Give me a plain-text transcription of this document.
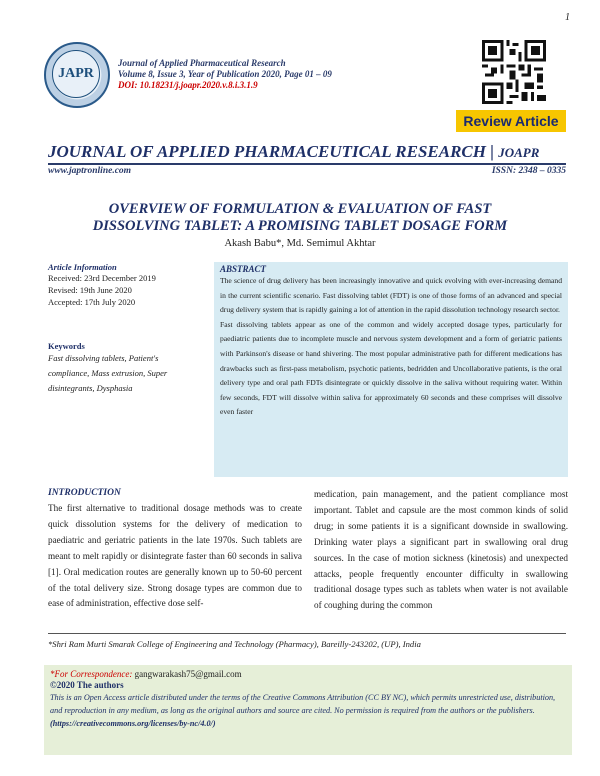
1
JAPR
Journal of Applied Pharmaceutical Research
Volume 8, Issue 3, Year of Publication 2020, Page 01 – 09
DOI: 10.18231/j.joapr.2020.v.8.i.3.1.9
Review Article
JOURNAL OF APPLIED PHARMACEUTICAL RESEARCH | JOAPR
www.japtronline.com	ISSN: 2348 – 0335
OVERVIEW OF FORMULATION & EVALUATION OF FAST
DISSOLVING TABLET: A PROMISING TABLET DOSAGE FORM
Akash Babu*, Md. Semimul Akhtar
Article Information
Received: 23rd December 2019
Revised: 19th June 2020
Accepted: 17th July 2020
Keywords
Fast dissolving tablets, Patient's
compliance, Mass extrusion, Super
disintegrants, Dysphasia
ABSTRACT

The science of drug delivery has been increasingly innovative and quick evolving with ever-increasing demand in the current scientific scenario. Fast dissolving tablet (FDT) is one of those forms of an advanced and special drug delivery system that is rapidly gaining a lot of attention in the rapid dissolution technology research sector.

Fast dissolving tablets appear as one of the common and widely accepted dosage types, particularly for paediatric patients due to incomplete muscle and nervous system development and a form of geriatric patients with Parkinson's disease or hand shivering. The most popular administrative path for different medications has drawbacks such as first-pass metabolism, psychotic patients, bedridden and Uncollaborative patients, is the oral delivery type and oral path FDTs disintegrate or quickly dissolve in the saliva without requiring water. Within few seconds, FDT will dissolve within saliva for approximately 60 seconds and these comprises will dissolve even faster

INTRODUCTION
The first alternative to traditional dosage methods was to create quick dissolution systems for the delivery of medication to paediatric and geriatric patients in the late 1970s. Such tablets are meant to melt rapidly or disintegrate faster than 60 seconds in saliva [1]. Oral medication routes are generally known up to 50-60 percent of the total delivery size. Strong dosage types are common due to ease of administration, effective dose self-
medication, pain management, and the patient compliance most important. Tablet and capsule are the most common kinds of solid drug; in some patients it is a significant downside in swallowing. Drinking water plays a significant part in swallowing oral drug sources. In the case of motion sickness (kinetosis) and unexpected attacks, people frequently encounter difficulty in swallowing traditional dosage types such as tablets when water is not available of coughing during the common
*Shri Ram Murti Smarak College of Engineering and Technology (Pharmacy), Bareilly-243202, (UP), India
*For Correspondence: gangwarakash75@gmail.com
©2020 The authors
This is an Open Access article distributed under the terms of the Creative Commons Attribution (CC BY NC), which permits unrestricted use, distribution, and reproduction in any medium, as long as the original authors and source are cited. No permission is required from the authors or the publishers. (https://creativecommons.org/licenses/by-nc/4.0/)
